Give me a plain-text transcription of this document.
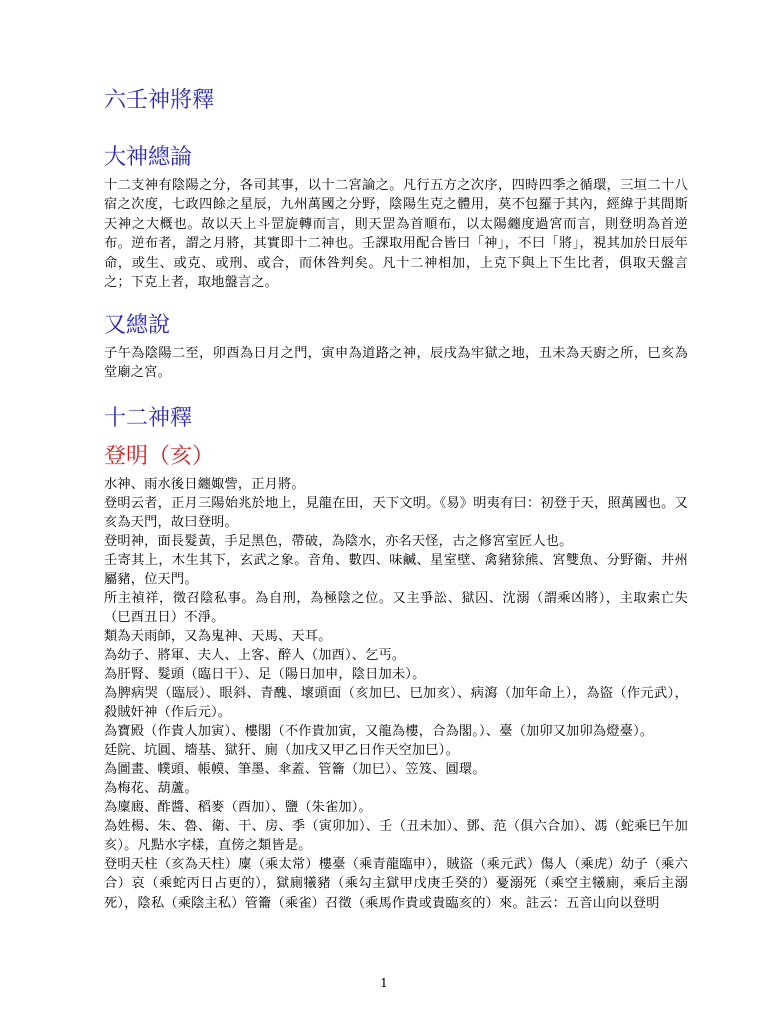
六壬神將釋
大神總論

十二支神有陰陽之分，各司其事，以十二宮論之。凡行五方之次序，四時四季之循環，三垣二十八宿之次度，七政四餘之星辰，九州萬國之分野，陰陽生克之體用，莫不包羅于其內，經緯于其間斯天神之大概也。故以天上斗罡旋轉而言，則天罡為首順布，以太陽纏度過宮而言，則登明為首逆布。逆布者，謂之月將，其實即十二神也。壬課取用配合皆曰「神」，不曰「將」，視其加於日辰年命，或生、或克、或刑、或合，而休咎判矣。凡十二神相加，上克下與上下生比者，俱取天盤言之；下克上者，取地盤言之。

又總說

子午為陰陽二至，卯酉為日月之門，寅申為道路之神，辰戌為牢獄之地，丑未為天廚之所，巳亥為堂廟之宮。

十二神釋
登明（亥）

水神、雨水後日纏娵訾，正月將。

登明云者，正月三陽始兆於地上，見龍在田，天下文明。《易》明夷有曰：初登于天，照萬國也。又亥為天門，故曰登明。

登明神，面長髮黃，手足黑色，帶破，為陰水，亦名天怪，古之修宮室匠人也。

壬寄其上，木生其下，玄武之象。音角、數四、味鹹、星室壁、禽豬狳熊、宮雙魚、分野衛、井州屬豬，位天門。

所主禎祥，徵召陰私事。為自刑，為極陰之位。又主爭訟、獄囚、沈溺（謂乘凶將），主取索亡失（巳酉丑日）不淨。

類為天雨師，又為鬼神、天馬、天耳。

為幼子、將軍、夫人、上客、醉人（加酉）、乞丐。

為肝腎、髮頭（臨日干）、足（陽日加申，陰日加未）。

為脾病哭（臨辰）、眼斜、青醜、壞頭面（亥加巳、巳加亥）、病瀉（加年命上），為盜（作元武），殺賊奸神（作后元）。

為寶殿（作貴人加寅）、樓閣（不作貴加寅，又龍為樓，合為閣。）、臺（加卯又加卯為燈臺）。

廷院、坑圓、墻基、獄犴、廁（加戌又甲乙日作天空加巳）。

為圖畫、幞頭、帳幙、筆墨、傘蓋、管籥（加巳）、笠笈、圓環。

為梅花、葫蘆。

為廩廄、酢醬、稻麥（酉加）、鹽（朱雀加）。

為姓楊、朱、魯、衛、干、房、季（寅卯加）、壬（丑未加）、鄧、范（俱六合加）、馮（蛇乘巳午加亥）。凡點水字樣，直傍之類皆是。

登明天柱（亥為天柱）廩（乘太常）樓臺（乘青龍臨申），賊盜（乘元武）傷人（乘虎）幼子（乘六合）哀（乘蛇丙日占更的），獄廁犧豬（乘勾主獄甲戊庚壬癸的）憂溺死（乘空主犧廁，乘后主溺死），陰私（乘陰主私）管籥（乘雀）召徵（乘馬作貴或貴臨亥的）來。註云：五音山向以登明

1
